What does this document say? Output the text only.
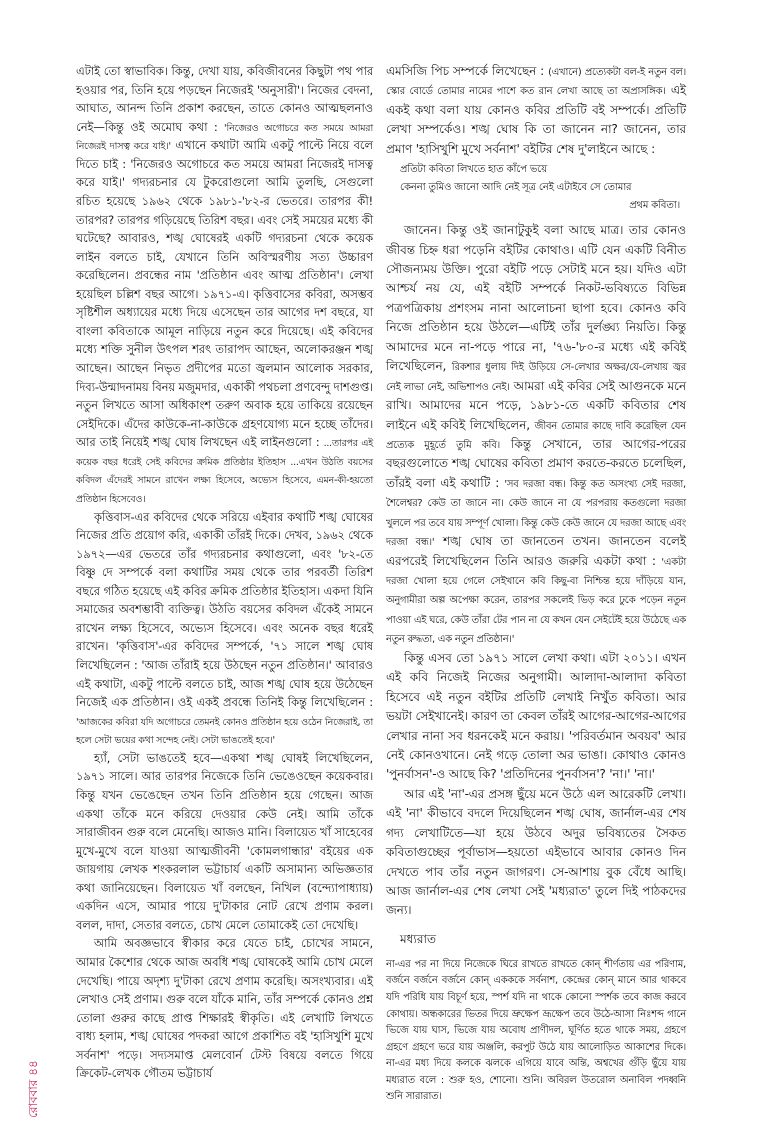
এটাই তো স্বাভাবিক। কিন্তু, দেখা যায়, কবিজীবনের কিছুটা পথ পার হওয়ার পর, তিনি হয়ে পড়ছেন নিজেরই 'অনুসারী'। নিজের বেদনা, আঘাত, আনন্দ তিনি প্রকাশ করছেন, তাতে কোনও আত্মছলনাও নেই—কিন্তু ওই অমোঘ কথা : 'নিজেরও অগোচরে কত সময়ে আমরা নিজেরই দাসত্ব করে যাই।' এখানে কথাটা আমি একটু পাল্টে নিয়ে বলে দিতে চাই : 'নিজেরও অগোচরে কত সময়ে আমরা নিজেরই দাসত্ব করে যাই।' গদ্যরচনার যে টুকরোগুলো আমি তুলছি, সেগুলো রচিত হয়েছে ১৯৬২ থেকে ১৯৮১-'৮২-র ভেতরে। তারপর কী! তারপর? তারপর গড়িয়েছে তিরিশ বছর। এবং সেই সময়ের মধ্যে কী ঘটেছে? আবারও, শঙ্খ ঘোষেরই একটি গদ্যরচনা থেকে কয়েক লাইন বলতে চাই, যেখানে তিনি অবিস্মরণীয় সত্য উচ্চারণ করেছিলেন। প্রবন্ধের নাম 'প্রতিষ্ঠান এবং আত্ম প্রতিষ্ঠান'। লেখা হয়েছিল চল্লিশ বছর আগে। ১৯৭১-এ। কৃত্তিবাসের কবিরা, অসম্ভব সৃষ্টিশীল অধ্যায়ের মধ্যে দিয়ে এসেছেন তার আগের দশ বছরে, যা বাংলা কবিতাকে আমূল নাড়িয়ে নতুন করে দিয়েছে। এই কবিদের মধ্যে শক্তি সুনীল উৎপল শরৎ তারাপদ আছেন, অলোকরঞ্জন শঙ্খ আছেন। আছেন নিভৃত প্রদীপের মতো জ্বলমান আলোক সরকার, দিব্য-উন্মাদনাময় বিনয় মজুমদার, একাকী পথচলা প্রণবেন্দু দাশগুপ্ত। নতুন লিখতে আসা অধিকাংশ তরুণ অবাক হয়ে তাকিয়ে রয়েছেন সেইদিকে। এঁদের কাউকে-না-কাউকে গ্রহণযোগ্য মনে হচ্ছে তাঁদের। আর তাই নিয়েই শঙ্খ ঘোষ লিখছেন এই লাইনগুলো : ...তারপর এই কয়েক বছর ধরেই সেই কবিদের ক্রমিক প্রতিষ্ঠার ইতিহাস ...এখন উঠতি বয়সের কবিদল এঁদেরই সামনে রাখেন লক্ষ্য হিসেবে, অভ্যেস হিসেবে, এমন-কী-হয়তো প্রতিষ্ঠান হিসেবেও।

কৃত্তিবাস-এর কবিদের থেকে সরিয়ে এইবার কথাটি শঙ্খ ঘোষের নিজের প্রতি প্রয়োগ করি, একাকী তাঁরই দিকে। দেখব, ১৯৬২ থেকে ১৯৭২—এর ভেতরে তাঁর গদ্যরচনার কথাগুলো, এবং '৮২-তে বিষ্ণু দে সম্পর্কে বলা কথাটির সময় থেকে তার পরবর্তী তিরিশ বছরে গঠিত হয়েছে এই কবির ক্রমিক প্রতিষ্ঠার ইতিহাস। একদা যিনি সমাজের অবশম্ভাবী ব্যক্তিত্ব। উঠতি বয়সের কবিদল এঁকেই সামনে রাখেন লক্ষ্য হিসেবে, অভ্যেস হিসেবে। এবং অনেক বছর ধরেই রাখেন। 'কৃত্তিবাস'-এর কবিদের সম্পর্কে, '৭১ সালে শঙ্খ ঘোষ লিখেছিলেন : 'আজ তাঁরাই হয়ে উঠছেন নতুন প্রতিষ্ঠান।' আবারও এই কথাটা, একটু পাল্টে বলতে চাই, আজ শঙ্খ ঘোষ হয়ে উঠেছেন নিজেই এক প্রতিষ্ঠান। ওই একই প্রবন্ধে তিনিই কিন্তু লিখেছিলেন : 'আজকের কবিরা যদি অগোচরে তেমনই কোনও প্রতিষ্ঠান হয়ে ওঠেন নিজেরাই, তা হলে সেটা ভয়ের কথা সন্দেহ নেই। সেটা ভাঙতেই হবে।'

হ্যাঁ, সেটা ভাঙতেই হবে—একথা শঙ্খ ঘোষই লিখেছিলেন, ১৯৭১ সালে। আর তারপর নিজেকে তিনি ভেঙেওছেন কয়েকবার। কিন্তু যখন ভেঙেছেন তখন তিনি প্রতিষ্ঠান হয়ে গেছেন। আজ একথা তাঁকে মনে করিয়ে দেওয়ার কেউ নেই। আমি তাঁকে সারাজীবন গুরু বলে মেনেছি। আজও মানি। বিলায়েত খাঁ সাহেবের মুখে-মুখে বলে যাওয়া আত্মজীবনী 'কোমলগান্ধার' বইয়ের এক জায়গায় লেখক শংকরলাল ভট্টাচার্য একটি অসামান্য অভিজ্ঞতার কথা জানিয়েছেন। বিলায়েত খাঁ বলছেন, নিখিল (বন্দ্যোপাধ্যায়) একদিন এসে, আমার পায়ে দু'টাকার নোট রেখে প্রণাম করল। বলল, দাদা, সেতার বলতে, চোখ মেলে তোমাকেই তো দেখেছি।

আমি অবজ্ঞভাবে স্বীকার করে যেতে চাই, চোখের সামনে, আমার কৈশোর থেকে আজ অবধি শঙ্খ ঘোষকেই আমি চোখ মেলে দেখেছি। পায়ে অদৃশ্য দু'টাকা রেখে প্রণাম করেছি। অসংখ্যবার। এই লেখাও সেই প্রণাম। গুরু বলে যাঁকে মানি, তাঁর সম্পর্কে কোনও প্রশ্ন তোলা গুরুর কাছে প্রাপ্ত শিক্ষারই স্বীকৃতি। এই লেখাটি লিখতে বাধ্য হলাম, শঙ্খ ঘোষের পদকরা আগে প্রকাশিত বই 'হাসিখুশি মুখে সর্বনাশ' পড়ে। সদ্যসমাপ্ত মেলবোর্ন টেস্ট বিষয়ে বলতে গিয়ে ক্রিকেট-লেখক গৌতম ভট্টাচার্য

এমসিজি পিচ সম্পর্কে লিখেছেন : (এখানে) প্রত্যেকটা বল-ই নতুন বল। স্কোর বোর্ডে তোমার নামের পাশে কত রান লেখা আছে তা অপ্রাসঙ্গিক। এই একই কথা বলা যায় কোনও কবির প্রতিটি বই সম্পর্কে। প্রতিটি লেখা সম্পর্কেও। শঙ্খ ঘোষ কি তা জানেন না? জানেন, তার প্রমাণ 'হাসিখুশি মুখে সর্বনাশ' বইটির শেষ দু'লাইনে আছে :

প্রতিটা কবিতা লিখতে হাত কাঁপে ভয়ে
কেননা তুমিও জানো আদি নেই সূত্র নেই এটাইবে সে তোমার
প্রথম কবিতা।

জানেন। কিন্তু ওই জানাটুকুই বলা আছে মাত্র। তার কোনও জীবন্ত চিহ্ন ধরা পড়েনি বইটির কোথাও। এটি যেন একটি বিনীত সৌজন্যময় উক্তি। পুরো বইটি পড়ে সেটাই মনে হয়। যদিও এটা আশ্চর্য নয় যে, এই বইটি সম্পর্কে নিকট-ভবিষ্যতে বিভিন্ন পত্রপত্রিকায় প্রশংসম নানা আলোচনা ছাপা হবে। কোনও কবি নিজে প্রতিষ্ঠান হয়ে উঠলে—এটিই তাঁর দুর্লঙ্ঘ্য নিয়তি। কিন্তু আমাদের মনে না-পড়ে পারে না, '৭৬-'৮০-র মধ্যে এই কবিই লিখেছিলেন, রিকশার ধুলায় দিই উড়িয়ে সে-লেখার অক্ষর/যে-লেখায় জ্বর নেই লাভা নেই, অভিশাপও নেই। আমরা এই কবির সেই আগুনকে মনে রাখি। আমাদের মনে পড়ে, ১৯৮১-তে একটি কবিতার শেষ লাইনে এই কবিই লিখেছিলেন, জীবন তোমার কাছে দাবি করেছিল যেন প্রত্যেক মুহূর্তে তুমি কবি। কিন্তু সেখানে, তার আগের-পরের বছরগুলোতে শঙ্খ ঘোষের কবিতা প্রমাণ করতে-করতে চলেছিল, তাঁরই বলা এই কথাটি : 'সব দরজা বন্ধ। কিন্তু কত অসংখ্য সেই দরজা, শৈলেশ্বর? কেউ তা জানে না। কেউ জানে না যে পরপরায় কতগুলো দরজা খুললে পর তবে যায় সম্পূর্ণ খোলা। কিন্তু কেউ কেউ জানে যে দরজা আছে এবং দরজা বন্ধ।' শঙ্খ ঘোষ তা জানতেন তখন। জানতেন বলেই এরপরেই লিখেছিলেন তিনি আরও জরুরি একটা কথা : 'একটা দরজা খোলা হয়ে গেলে সেইখানে কবি কিছু-বা নিশ্চিন্ত হয়ে দাঁড়িয়ে যান, অনুগামীরা অল্প অপেক্ষা করেন, তারপর সকলেই ভিড় করে ঢুকে পড়েন নতুন পাওয়া এই ঘরে, কেউ তাঁরা টের পান না যে কখন যেন সেইটেই হয়ে উঠেছে এক নতুন রুদ্ধতা, এক নতুন প্রতিষ্ঠান।'

কিন্তু এসব তো ১৯৭১ সালে লেখা কথা। এটা ২০১১। এখন এই কবি নিজেই নিজের অনুগামী। আলাদা-আলাদা কবিতা হিসেবে এই নতুন বইটির প্রতিটি লেখাই নিখুঁত কবিতা। আর ভয়টা সেইখানেই। কারণ তা কেবল তাঁরই আগের-আগের-আগের লেখার নানা সব ধরনকেই মনে করায়। 'পরিবর্তমান অবয়ব' আর নেই কোনওখানে। নেই গড়ে তোলা অর ভাঙা। কোথাও কোনও 'পুনর্বাসন'-ও আছে কি? 'প্রতিদিনের পুনর্বাসন'? 'না।' 'না।'

আর এই 'না'-এর প্রসঙ্গ ছুঁয়ে মনে উঠে এল আরেকটি লেখা। এই 'না' কীভাবে বদলে দিয়েছিলেন শঙ্খ ঘোষ, জার্নাল-এর শেষ গদ্য লেখাটিতে—যা হয়ে উঠবে অদুর ভবিষ্যতের সৈকত কবিতাগুচ্ছের পূর্বাভাস—হয়তো এইভাবে আবার কোনও দিন দেখতে পাব তাঁর নতুন জাগরণ। সে-আশায় বুক বেঁধে আছি। আজ জার্নাল-এর শেষ লেখা সেই 'মধ্যরাত' তুলে দিই পাঠকদের জন্য।

মধ্যরাত

না-এর পর না দিয়ে নিজেকে ঘিরে রাখতে রাখতে কোন্ শীর্ণতায় এর পরিণাম, বর্জনে বর্জনে বর্জনে কোন্ একককে সর্বনাশ, কেন্দ্রের কোন্ মানে আর থাকবে যদি পরিধি যায় বিচূর্ণ হয়ে, স্পর্শ যদি না থাকে কোনো স্পর্শক তবে কাজ করবে কোথায়। অন্ধকারের ভিতর দিয়ে ভ্রুক্ষেপ ভ্রূক্ষেপ তবে উঠে-আসা নিঃশব্দ গানে ভিজে যায় ঘাস, ভিজে যায় অবোধ প্রাণীদল, ঘূর্ণিত হতে থাকে সময়, গ্রহণে গ্রহণে গ্রহণে ভরে যায় অঞ্জলি, করপুট উঠে যায় আলোড়িত আকাশের দিকে। না-এর মধ্য দিয়ে কলকে ঝলকে এগিয়ে যাবে অন্তি, অশ্বখের গুঁড়ি ছুঁয়ে যায় মধ্যরাত বলে : শুরু হও, শোনো। শুনি। অবিরল উতরোল অনাবিল পদধ্বনি শুনি সারারাত।

রোববার ৪৪
